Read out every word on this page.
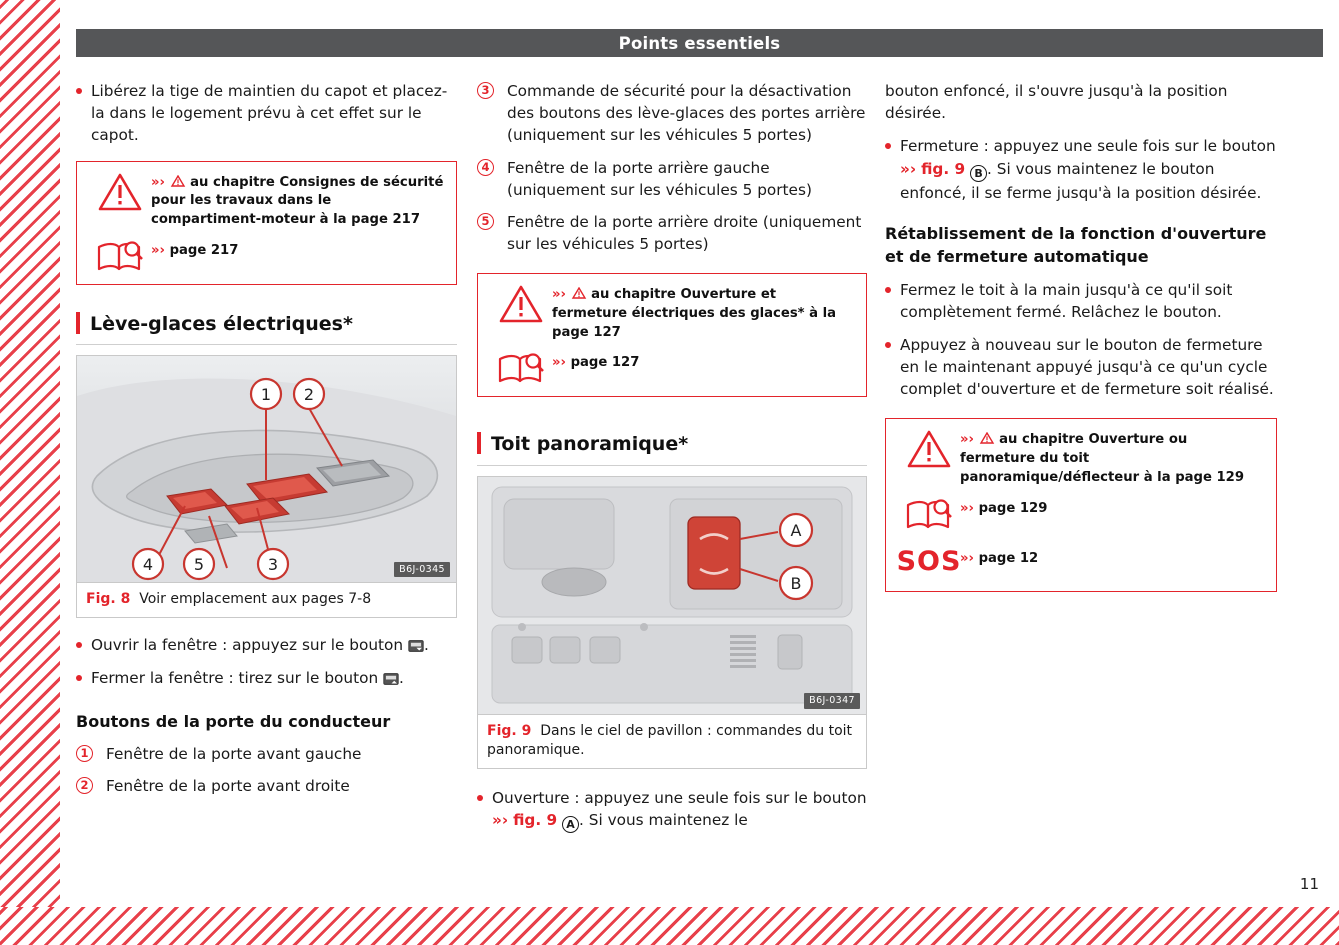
Points essentiels

Libérez la tige de maintien du capot et placez-la dans le logement prévu à cet effet sur le capot.

»› au chapitre Consignes de sécurité pour les travaux dans le compartiment-moteur à la page 217
»› page 217
Lève-glaces électriques*
1 2
3
4	5	B6J-0345
Fig. 8 Voir emplacement aux pages 7-8

Ouvrir la fenêtre : appuyez sur le bouton .

Fermer la fenêtre : tirez sur le bouton .

Boutons de la porte du conducteur
1 Fenêtre de la porte avant gauche
2 Fenêtre de la porte avant droite
3 Commande de sécurité pour la désactivation des boutons des lève-glaces des portes arrière (uniquement sur les véhicules 5 portes)
4 Fenêtre de la porte arrière gauche (uniquement sur les véhicules 5 portes)
5 Fenêtre de la porte arrière droite (uniquement sur les véhicules 5 portes)
»› au chapitre Ouverture et fermeture électriques des glaces* à la page 127
»› page 127
Toit panoramique*
A
B
B6J-0347
Fig. 9 Dans le ciel de pavillon : commandes du toit panoramique.

Ouverture : appuyez une seule fois sur le bouton »› fig. 9 A . Si vous maintenez le

bouton enfoncé, il s'ouvre jusqu'à la position désirée.

Fermeture : appuyez une seule fois sur le bouton »› fig. 9 B . Si vous maintenez le bouton enfoncé, il se ferme jusqu'à la position désirée.

Rétablissement de la fonction d'ouverture et de fermeture automatique

Fermez le toit à la main jusqu'à ce qu'il soit complètement fermé. Relâchez le bouton.

Appuyez à nouveau sur le bouton de fermeture en le maintenant appuyé jusqu'à ce qu'un cycle complet d'ouverture et de fermeture soit réalisé.

»› au chapitre Ouverture ou fermeture du toit panoramique/déflecteur à la page 129
»› page 129
SOS
»› page 12
11
